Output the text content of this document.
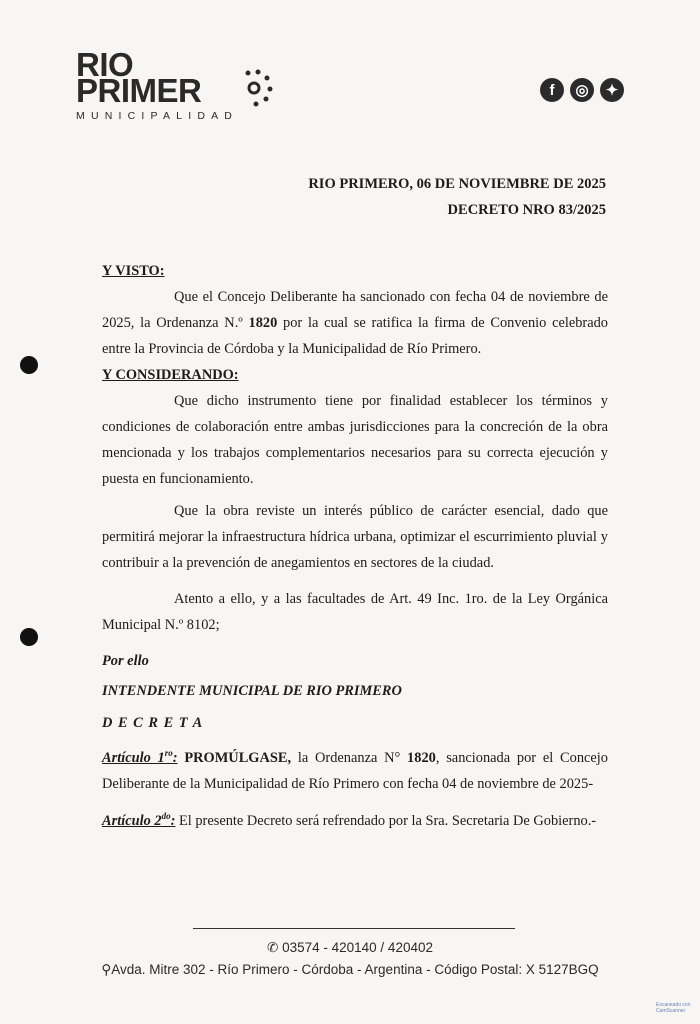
RIO
PRIMER
MUNICIPALIDAD
f	◎	✦
RIO PRIMERO, 06 DE NOVIEMBRE DE 2025
DECRETO NRO 83/2025
Y VISTO:

Que el Concejo Deliberante ha sancionado con fecha 04 de noviembre de 2025, la Ordenanza N.º 1820 por la cual se ratifica la firma de Convenio celebrado entre la Provincia de Córdoba y la Municipalidad de Río Primero.

Y CONSIDERANDO:

Que dicho instrumento tiene por finalidad establecer los términos y condiciones de colaboración entre ambas jurisdicciones para la concreción de la obra mencionada y los trabajos complementarios necesarios para su correcta ejecución y puesta en funcionamiento.

Que la obra reviste un interés público de carácter esencial, dado que permitirá mejorar la infraestructura hídrica urbana, optimizar el escurrimiento pluvial y contribuir a la prevención de anegamientos en sectores de la ciudad.

Atento a ello, y a las facultades de Art. 49 Inc. 1ro. de la Ley Orgánica Municipal N.º 8102;

Por ello

INTENDENTE MUNICIPAL DE RIO PRIMERO

D E C R E T A

Artículo $1^{ro}$: PROMÚLGASE, la Ordenanza N° 1820, sancionada por el Concejo Deliberante de la Municipalidad de Río Primero con fecha 04 de noviembre de 2025-

Artículo $2^{do}$: El presente Decreto será refrendado por la Sra. Secretaria De Gobierno.-

✆ 03574 - 420140 / 420402
⚲Avda. Mitre 302 - Río Primero - Córdoba - Argentina - Código Postal: X 5127BGQ
Escaneado con
CamScanner
